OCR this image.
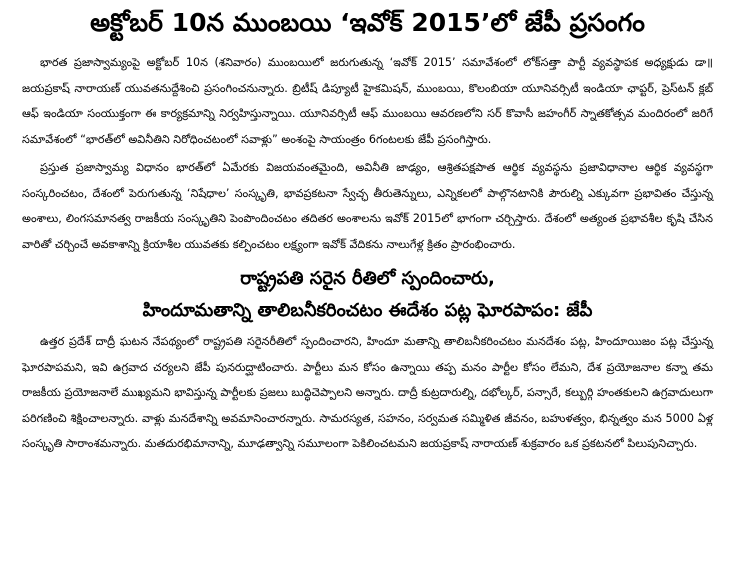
అక్టోబర్ 10న ముంబయి ‘ఇవోక్ 2015’లో జేపీ ప్రసంగం

భారత ప్రజాస్వామ్యంపై అక్టోబర్ 10న (శనివారం) ముంబయిలో జరుగుతున్న ‘ఇవోక్ 2015’ సమావేశంలో లోక్‌సత్తా పార్టీ వ్యవస్థాపక అధ్యక్షుడు డా॥ జయప్రకాష్ నారాయణ్ యువతనుద్దేశించి ప్రసంగించనున్నారు. బ్రిటీష్ డిప్యూటీ హైకమిషన్, ముంబయి, కొలంబియా యూనివర్సిటీ ఇండియా ఛాప్టర్, ప్రెస్‌టన్ క్లబ్ ఆఫ్ ఇండియా సంయుక్తంగా ఈ కార్యక్రమాన్ని నిర్వహిస్తున్నాయి. యూనివర్సిటీ ఆఫ్ ముంబయి ఆవరణలోని సర్ కొవాసీ జహంగీర్ స్నాతకోత్సవ మందిరంలో జరిగే సమావేశంలో “భారత్‌లో అవినీతిని నిరోధించటంలో సవాళ్లు” అంశంపై సాయంత్రం 6గంటలకు జేపీ ప్రసంగిస్తారు.

ప్రస్తుత ప్రజాస్వామ్య విధానం భారత్‌లో ఏమేరకు విజయవంతమైంది, అవినీతి జాఢ్యం, ఆశ్రితపక్షపాత ఆర్థిక వ్యవస్థను ప్రజావిధానాల ఆర్థిక వ్యవస్థగా సంస్కరించటం, దేశంలో పెరుగుతున్న ‘నిషేధాల’ సంస్కృతి, భావప్రకటనా స్వేచ్ఛ తీరుతెన్నులు, ఎన్నికలలో పాల్గొనటానికి పౌరుల్ని ఎక్కువగా ప్రభావితం చేస్తున్న అంశాలు, లింగసమానత్వ రాజకీయ సంస్కృతిని పెంపొందించటం తదితర అంశాలను ఇవోక్ 2015లో భాగంగా చర్చిస్తారు. దేశంలో అత్యంత ప్రభావశీల కృషి చేసిన వారితో చర్చించే అవకాశాన్ని క్రియాశీల యువతకు కల్పించటం లక్ష్యంగా ఇవోక్ వేదికను నాలుగేళ్ల క్రితం ప్రారంభించారు.

రాష్ట్రపతి సరైన రీతిలో స్పందించారు,
హిందూమతాన్ని తాలిబనీకరించటం ఈదేశం పట్ల ఘోరపాపం: జేపీ

ఉత్తర ప్రదేశ్ దాద్రీ ఘటన నేపథ్యంలో రాష్ట్రపతి సరైనరీతిలో స్పందించారని, హిందూ మతాన్ని తాలిబనీకరించటం మనదేశం పట్ల, హిందూయిజం పట్ల చేస్తున్న ఘోరపాపమని, ఇవి ఉగ్రవాద చర్యలని జేపీ పునరుద్ఘాటించారు. పార్టీలు మన కోసం ఉన్నాయి తప్ప మనం పార్టీల కోసం లేమని, దేశ ప్రయోజనాల కన్నా తమ రాజకీయ ప్రయోజనాలే ముఖ్యమని భావిస్తున్న పార్టీలకు ప్రజలు బుద్ధిచెప్పాలని అన్నారు. దాద్రీ కుట్రదారుల్ని, దభోల్కర్, పన్సారే, కల్బుర్గి హంతకులని ఉగ్రవాదులుగా పరిగణించి శిక్షించాలన్నారు. వాళ్లు మనదేశాన్ని అవమానించారన్నారు. సామరస్యత, సహనం, సర్వమత సమ్మిళిత జీవనం, బహుళత్వం, భిన్నత్వం మన 5000 ఏళ్ల సంస్కృతి సారాంశమన్నారు. మతదురభిమానాన్ని, మూఢత్వాన్ని సమూలంగా పెకిలించటమని జయప్రకాష్ నారాయణ్ శుక్రవారం ఒక ప్రకటనలో పిలుపునిచ్చారు.
